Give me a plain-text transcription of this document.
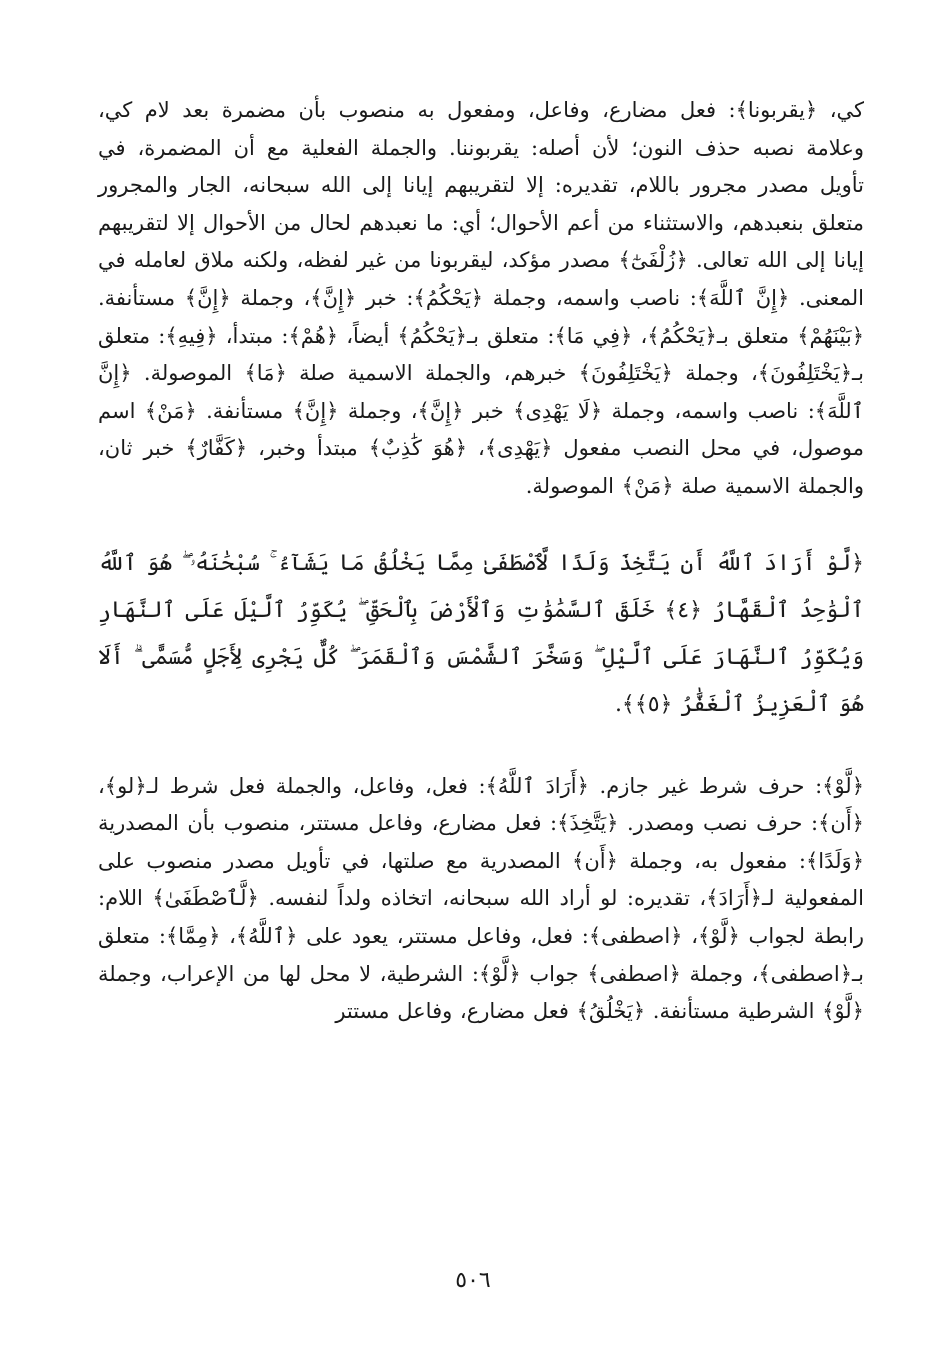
كي، ﴿يقربونا﴾: فعل مضارع، وفاعل، ومفعول به منصوب بأن مضمرة بعد لام كي، وعلامة نصبه حذف النون؛ لأن أصله: يقربوننا. والجملة الفعلية مع أن المضمرة، في تأويل مصدر مجرور باللام، تقديره: إلا لتقريبهم إيانا إلى الله سبحانه، الجار والمجرور متعلق بنعبدهم، والاستثناء من أعم الأحوال؛ أي: ما نعبدهم لحال من الأحوال إلا لتقريبهم إيانا إلى الله تعالى. ﴿زُلْفَىٰٓ﴾ مصدر مؤكد، ليقربونا من غير لفظه، ولكنه ملاق لعامله في المعنى. ﴿إِنَّ ٱللَّهَ﴾: ناصب واسمه، وجملة ﴿يَحْكُمُ﴾: خبر ﴿إِنَّ﴾، وجملة ﴿إِنَّ﴾ مستأنفة. ﴿بَيْنَهُمْ﴾ متعلق بـ﴿يَحْكُمُ﴾، ﴿فِي مَا﴾: متعلق بـ﴿يَحْكُمُ﴾ أيضاً، ﴿هُمْ﴾: مبتدأ، ﴿فِيهِ﴾: متعلق بـ﴿يَخْتَلِفُونَ﴾، وجملة ﴿يَخْتَلِفُونَ﴾ خبرهم، والجملة الاسمية صلة ﴿مَا﴾ الموصولة. ﴿إِنَّ ٱللَّهَ﴾: ناصب واسمه، وجملة ﴿لَا يَهْدِى﴾ خبر ﴿إِنَّ﴾، وجملة ﴿إِنَّ﴾ مستأنفة. ﴿مَنْ﴾ اسم موصول، في محل النصب مفعول ﴿يَهْدِى﴾، ﴿هُوَ كَٰذِبٌ﴾ مبتدأ وخبر، ﴿كَفَّارٌ﴾ خبر ثان، والجملة الاسمية صلة ﴿مَنْ﴾ الموصولة.

﴿لَّوْ أَرَادَ ٱللَّهُ أَن يَتَّخِذَ وَلَدًا لَّٱصْطَفَىٰ مِمَّا يَخْلُقُ مَا يَشَآءُ ۚ سُبْحَٰنَهُۥ ۖ هُوَ ٱللَّهُ ٱلْوَٰحِدُ ٱلْقَهَّارُ ﴿٤﴾ خَلَقَ ٱلسَّمَٰوَٰتِ وَٱلْأَرْضَ بِٱلْحَقِّ ۖ يُكَوِّرُ ٱلَّيْلَ عَلَى ٱلنَّهَارِ وَيُكَوِّرُ ٱلنَّهَارَ عَلَى ٱلَّيْلِ ۖ وَسَخَّرَ ٱلشَّمْسَ وَٱلْقَمَرَ ۖ كُلٌّ يَجْرِى لِأَجَلٍ مُّسَمًّى ۗ أَلَا هُوَ ٱلْعَزِيزُ ٱلْغَفَّٰرُ ﴿٥﴾﴾.

﴿لَّوْ﴾: حرف شرط غير جازم. ﴿أَرَادَ ٱللَّهُ﴾: فعل، وفاعل، والجملة فعل شرط لـ﴿لو﴾، ﴿أَن﴾: حرف نصب ومصدر. ﴿يَتَّخِذَ﴾: فعل مضارع، وفاعل مستتر، منصوب بأن المصدرية ﴿وَلَدًا﴾: مفعول به، وجملة ﴿أَن﴾ المصدرية مع صلتها، في تأويل مصدر منصوب على المفعولية لـ﴿أَرَادَ﴾، تقديره: لو أراد الله سبحانه، اتخاذه ولداً لنفسه. ﴿لَّٱصْطَفَىٰ﴾ اللام: رابطة لجواب ﴿لَّوْ﴾، ﴿اصطفى﴾: فعل، وفاعل مستتر، يعود على ﴿ٱللَّهُ﴾، ﴿مِمَّا﴾: متعلق بـ﴿اصطفى﴾، وجملة ﴿اصطفى﴾ جواب ﴿لَّوْ﴾: الشرطية، لا محل لها من الإعراب، وجملة ﴿لَّوْ﴾ الشرطية مستأنفة. ﴿يَخْلُقُ﴾ فعل مضارع، وفاعل مستتر

٥٠٦
